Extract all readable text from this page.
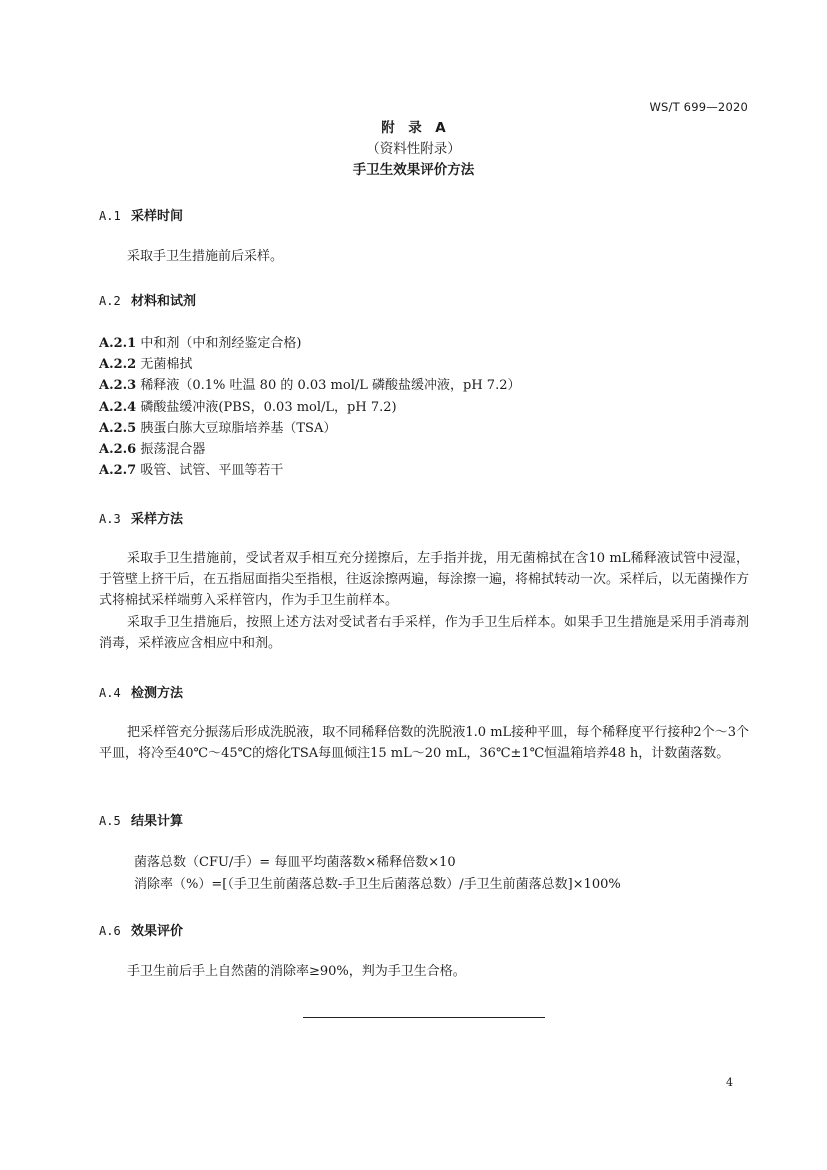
WS/T 699—2020
附　录　A
（资料性附录）
手卫生效果评价方法
A.1 采样时间
采取手卫生措施前后采样。
A.2 材料和试剂
A.2.1 中和剂（中和剂经鉴定合格)
A.2.2 无菌棉拭
A.2.3 稀释液（0.1% 吐温 80 的 0.03 mol/L 磷酸盐缓冲液，pH 7.2）
A.2.4 磷酸盐缓冲液(PBS，0.03 mol/L，pH 7.2)
A.2.5 胰蛋白胨大豆琼脂培养基（TSA）
A.2.6 振荡混合器
A.2.7 吸管、试管、平皿等若干
A.3 采样方法
采取手卫生措施前，受试者双手相互充分搓擦后，左手指并拢，用无菌棉拭在含10 mL稀释液试管中浸湿，于管壁上挤干后，在五指屈面指尖至指根，往返涂擦两遍，每涂擦一遍，将棉拭转动一次。采样后，以无菌操作方式将棉拭采样端剪入采样管内，作为手卫生前样本。
采取手卫生措施后，按照上述方法对受试者右手采样，作为手卫生后样本。如果手卫生措施是采用手消毒剂消毒，采样液应含相应中和剂。
A.4 检测方法
把采样管充分振荡后形成洗脱液，取不同稀释倍数的洗脱液1.0 mL接种平皿，每个稀释度平行接种2个～3个平皿，将冷至40℃～45℃的熔化TSA每皿倾注15 mL～20 mL，36℃±1℃恒温箱培养48 h，计数菌落数。
A.5 结果计算
菌落总数（CFU/手）= 每皿平均菌落数×稀释倍数×10
消除率（%）=[（手卫生前菌落总数-手卫生后菌落总数）/手卫生前菌落总数]×100%
A.6 效果评价
手卫生前后手上自然菌的消除率≥90%，判为手卫生合格。
4
